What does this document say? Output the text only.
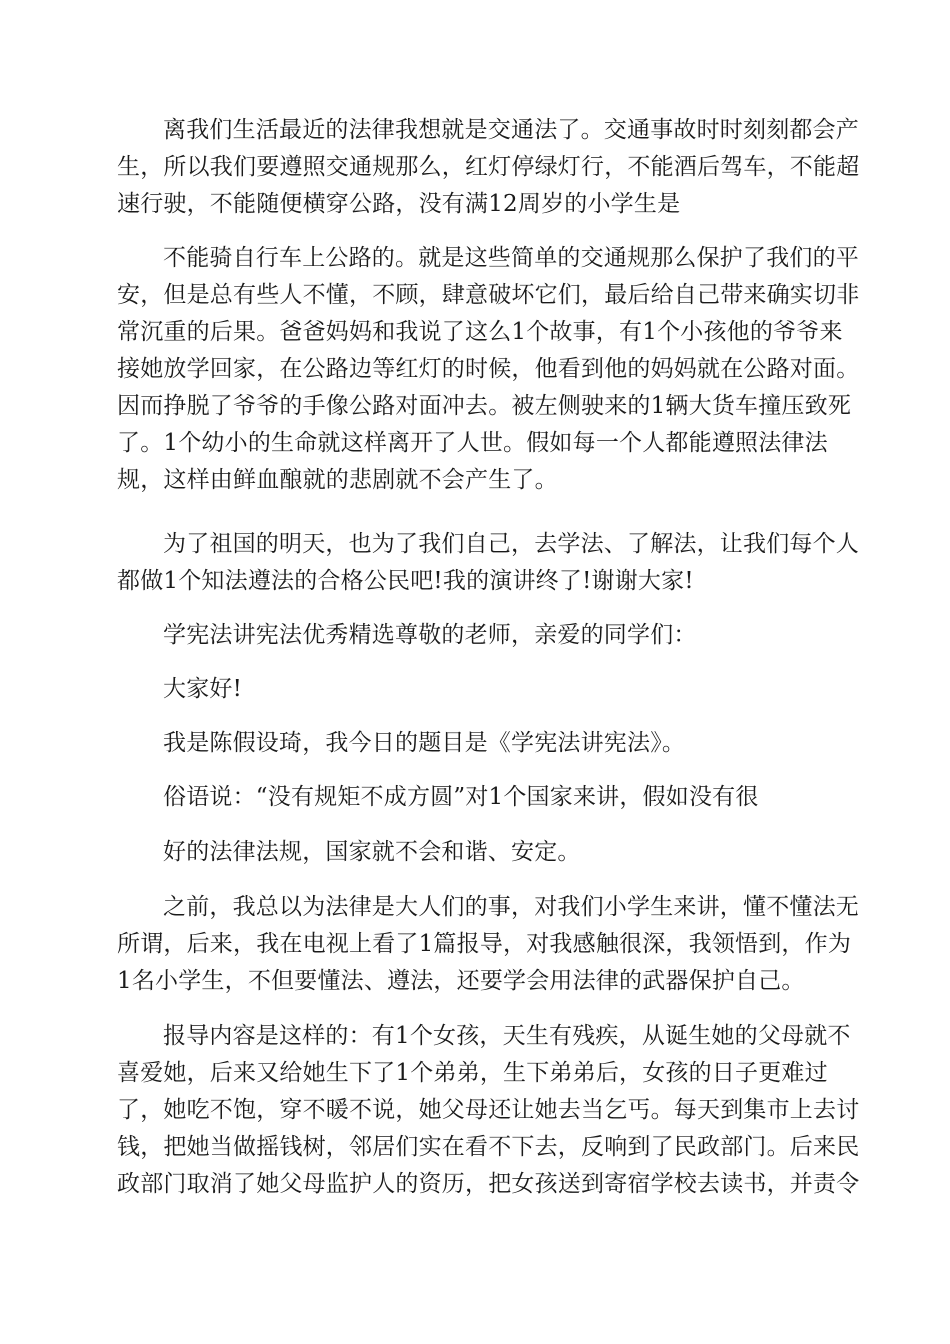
离我们生活最近的法律我想就是交通法了。交通事故时时刻刻都会产
生，所以我们要遵照交通规那么，红灯停绿灯行，不能酒后驾车，不能超
速行驶，不能随便横穿公路，没有满12周岁的小学生是

不能骑自行车上公路的。就是这些简单的交通规那么保护了我们的平
安，但是总有些人不懂，不顾，肆意破坏它们，最后给自己带来确实切非
常沉重的后果。爸爸妈妈和我说了这么1个故事，有1个小孩他的爷爷来
接她放学回家，在公路边等红灯的时候，他看到他的妈妈就在公路对面。
因而挣脱了爷爷的手像公路对面冲去。被左侧驶来的1辆大货车撞压致死
了。1个幼小的生命就这样离开了人世。假如每一个人都能遵照法律法
规，这样由鲜血酿就的悲剧就不会产生了。

为了祖国的明天，也为了我们自己，去学法、了解法，让我们每个人
都做1个知法遵法的合格公民吧!我的演讲终了!谢谢大家!

学宪法讲宪法优秀精选尊敬的老师，亲爱的同学们：

大家好!

我是陈假设琦，我今日的题目是《学宪法讲宪法》。

俗语说：“没有规矩不成方圆”对1个国家来讲，假如没有很

好的法律法规，国家就不会和谐、安定。

之前，我总以为法律是大人们的事，对我们小学生来讲，懂不懂法无
所谓，后来，我在电视上看了1篇报导，对我感触很深，我领悟到，作为
1名小学生，不但要懂法、遵法，还要学会用法律的武器保护自己。

报导内容是这样的：有1个女孩，天生有残疾，从诞生她的父母就不
喜爱她，后来又给她生下了1个弟弟，生下弟弟后，女孩的日子更难过
了，她吃不饱，穿不暖不说，她父母还让她去当乞丐。每天到集市上去讨
钱，把她当做摇钱树，邻居们实在看不下去，反响到了民政部门。后来民
政部门取消了她父母监护人的资历，把女孩送到寄宿学校去读书，并责令
